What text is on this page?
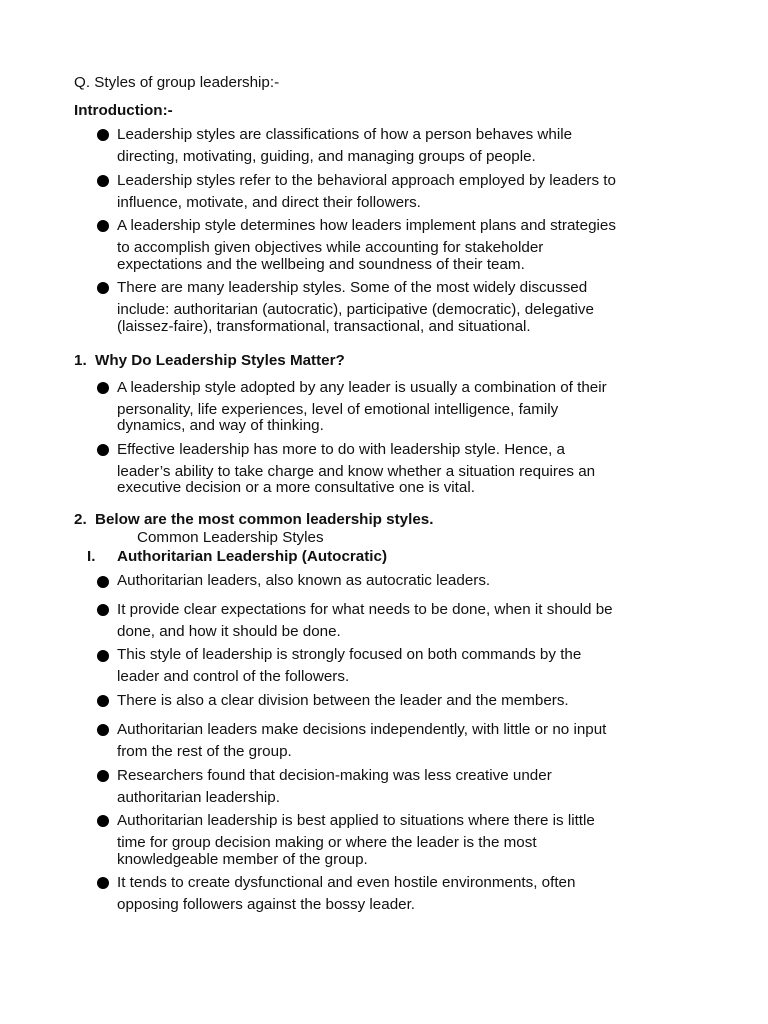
Q. Styles of group leadership:-
Introduction:-
Leadership styles are classifications of how a person behaves while
directing, motivating, guiding, and managing groups of people.
Leadership styles refer to the behavioral approach employed by leaders to
influence, motivate, and direct their followers.
A leadership style determines how leaders implement plans and strategies
to accomplish given objectives while accounting for stakeholder
expectations and the wellbeing and soundness of their team.
There are many leadership styles. Some of the most widely discussed
include: authoritarian (autocratic), participative (democratic), delegative
(laissez-faire), transformational, transactional, and situational.
1. Why Do Leadership Styles Matter?
A leadership style adopted by any leader is usually a combination of their
personality, life experiences, level of emotional intelligence, family
dynamics, and way of thinking.
Effective leadership has more to do with leadership style. Hence, a
leader’s ability to take charge and know whether a situation requires an
executive decision or a more consultative one is vital.
2. Below are the most common leadership styles.
Common Leadership Styles
I. Authoritarian Leadership (Autocratic)
Authoritarian leaders, also known as autocratic leaders.
It provide clear expectations for what needs to be done, when it should be
done, and how it should be done.
This style of leadership is strongly focused on both commands by the
leader and control of the followers.
There is also a clear division between the leader and the members.
Authoritarian leaders make decisions independently, with little or no input
from the rest of the group.
Researchers found that decision-making was less creative under
authoritarian leadership.
Authoritarian leadership is best applied to situations where there is little
time for group decision making or where the leader is the most
knowledgeable member of the group.
It tends to create dysfunctional and even hostile environments, often
opposing followers against the bossy leader.
